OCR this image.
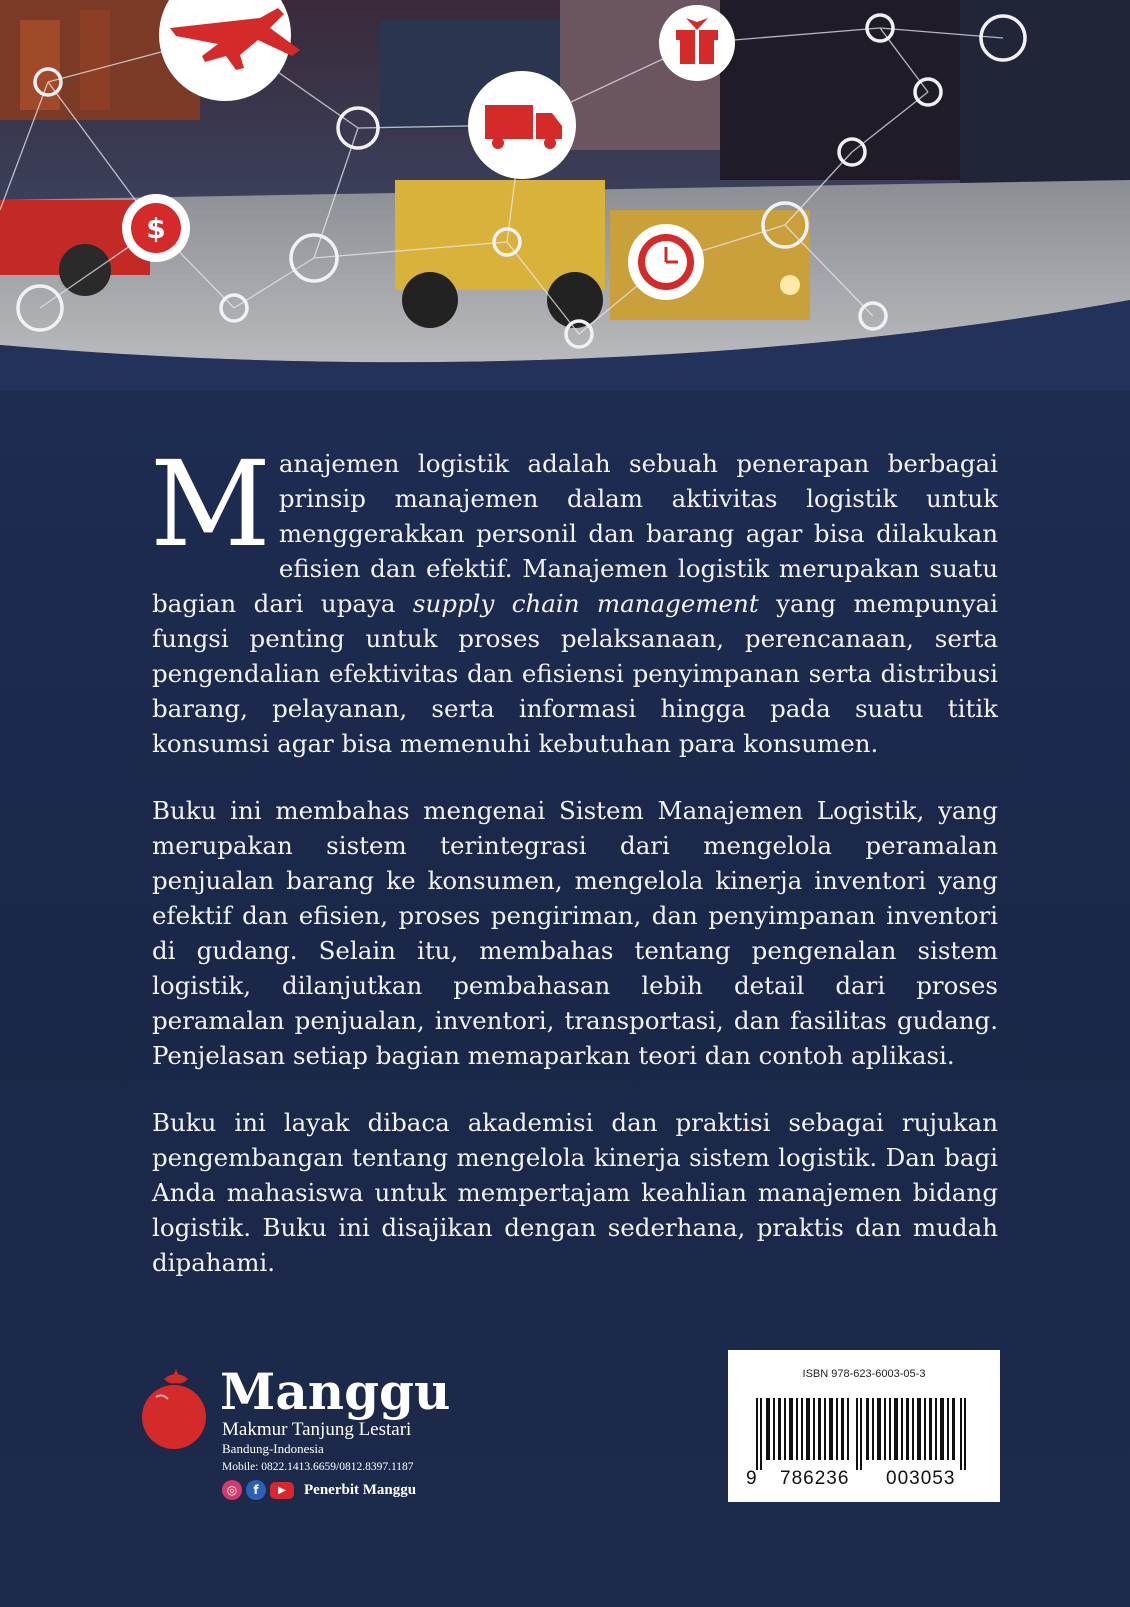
$

Manajemen logistik adalah sebuah penerapan berbagai prinsip manajemen dalam aktivitas logistik untuk menggerakkan personil dan barang agar bisa dilakukan efisien dan efektif. Manajemen logistik merupakan suatu bagian dari upaya supply chain management yang mempunyai fungsi penting untuk proses pelaksanaan, perencanaan, serta pengendalian efektivitas dan efisiensi penyimpanan serta distribusi barang, pelayanan, serta informasi hingga pada suatu titik konsumsi agar bisa memenuhi kebutuhan para konsumen.

Buku ini membahas mengenai Sistem Manajemen Logistik, yang merupakan sistem terintegrasi dari mengelola peramalan penjualan barang ke konsumen, mengelola kinerja inventori yang efektif dan efisien, proses pengiriman, dan penyimpanan inventori di gudang. Selain itu, membahas tentang pengenalan sistem logistik, dilanjutkan pembahasan lebih detail dari proses peramalan penjualan, inventori, transportasi, dan fasilitas gudang. Penjelasan setiap bagian memaparkan teori dan contoh aplikasi.

Buku ini layak dibaca akademisi dan praktisi sebagai rujukan pengembangan tentang mengelola kinerja sistem logistik. Dan bagi Anda mahasiswa untuk mempertajam keahlian manajemen bidang logistik. Buku ini disajikan dengan sederhana, praktis dan mudah dipahami.

Manggu
Makmur Tanjung Lestari
Bandung-Indonesia
Mobile: 0822.1413.6659/0812.8397.1187
◎	f	▶	Penerbit Manggu
ISBN 978-623-6003-05-3
9 786236 003053
